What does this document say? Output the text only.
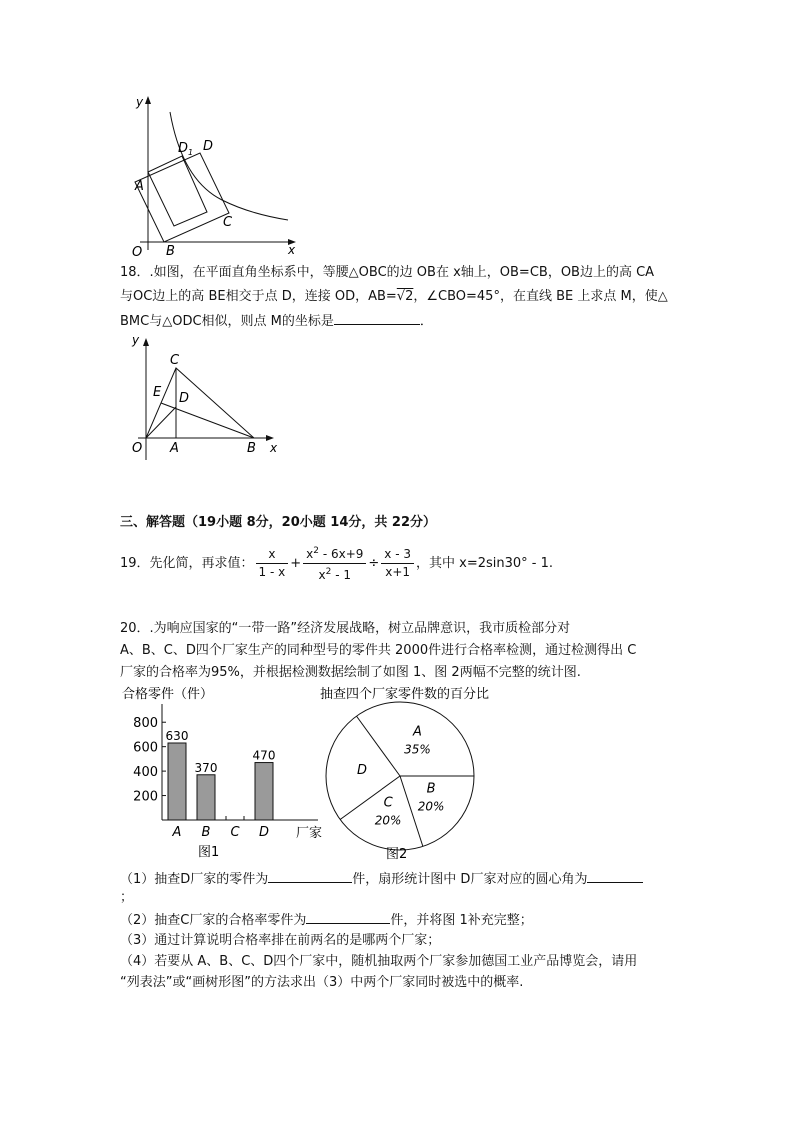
y
x
O
A
B
C
$D_1$ D
18．.如图，在平面直角坐标系中，等腰△OBC的边 OB在 x轴上，OB=CB，OB边上的高 CA
与OC边上的高 BE相交于点 D，连接 OD，AB=√2，∠CBO=45°，在直线 BE 上求点 M，使△
BMC与△ODC相似，则点 M的坐标是	．
y
x
O A	B
C
D
E
三、解答题（19小题 8分，20小题 14分，共 22分）
19．先化简，再求值： $\frac{x}{1 - x} + \frac{x^2 - 6x+9}{x^2 - 1} \div \frac{x - 3}{x+1}$ ，其中 x=2sin30° - 1.
20．.为响应国家的“一带一路”经济发展战略，树立品牌意识，我市质检部分对
A、B、C、D四个厂家生产的同种型号的零件共 2000件进行合格率检测，通过检测得出 C
厂家的合格率为95%，并根据检测数据绘制了如图 1、图 2两幅不完整的统计图.
合格零件（件）
200
400
600
800
630
A
370
B C
470
D 厂家
图1
抽查四个厂家零件数的百分比
A
35%
B
20%
C
20%
D
图2
（1）抽查D厂家的零件为	件，扇形统计图中 D厂家对应的圆心角为
；
（2）抽查C厂家的合格率零件为	件，并将图 1补充完整；
（3）通过计算说明合格率排在前两名的是哪两个厂家；
（4）若要从 A、B、C、D四个厂家中，随机抽取两个厂家参加德国工业产品博览会，请用
“列表法”或“画树形图”的方法求出（3）中两个厂家同时被选中的概率.
